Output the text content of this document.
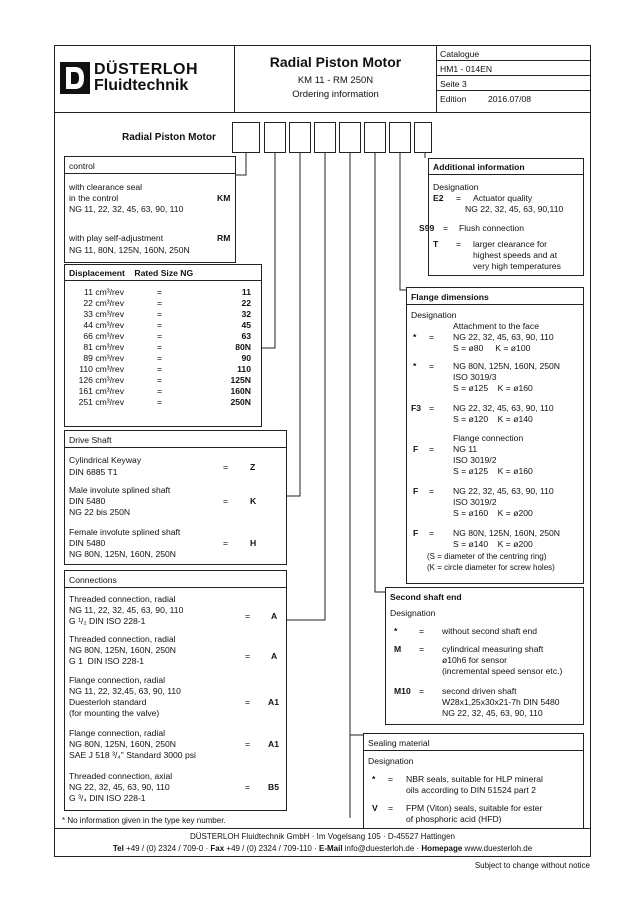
DÜSTERLOH
Fluidtechnik
Radial Piston Motor
KM 11 - RM 250N
Ordering information
Catalogue
HM1 - 014EN
Seite 3
Edition	2016.07/08
Radial Piston Motor
control
with clearance seal
in the control
NG 11, 22, 32, 45, 63, 90, 110
KM
with play self-adjustment
NG 11, 80N, 125N, 160N, 250N
RM
Displacement    Rated Size NG
11 cm³/rev	=	11
22 cm³/rev	=	22
33 cm³/rev	=	32
44 cm³/rev	=	45
66 cm³/rev	=	63
81 cm³/rev	=	80N
89 cm³/rev	=	90
110 cm³/rev	=	110
126 cm³/rev	=	125N
161 cm³/rev	=	160N
251 cm³/rev	=	250N
Drive Shaft
Cylindrical Keyway
DIN 6885 T1	=	Z
Male involute splined shaft
DIN 5480
NG 22 bis 250N
=	K
Female involute splined shaft
DIN 5480
NG 80N, 125N, 160N, 250N
=	H
Connections
Threaded connection, radial
NG 11, 22, 32, 45, 63, 90, 110
G ¹/₂ DIN ISO 228-1	= A
Threaded connection, radial
NG 80N, 125N, 160N, 250N
G 1  DIN ISO 228-1	= A
Flange connection, radial
NG 11, 22, 32,45, 63, 90, 110
Duesterloh standard
(for mounting the valve)
= A1
Flange connection, radial
NG 80N, 125N, 160N, 250N
SAE J 518 ³/₄" Standard 3000 psi
= A1
Threaded connection, axial
NG 22, 32, 45, 63, 90, 110
G ³/₄ DIN ISO 228-1
= B5
* No information given in the type key number.
Additional information
Designation
E2 = Actuator quality
NG 22, 32, 45, 63, 90,110
S99 = Flush connection
T = larger clearance for
highest speeds and at
very high temperatures
Flange dimensions
Designation
Attachment to the face
* = NG 22, 32, 45, 63, 90, 110
S = ø80     K = ø100
* = NG 80N, 125N, 160N, 250N
ISO 3019/3
S = ø125    K = ø160
F3 = NG 22, 32, 45, 63, 90, 110
S = ø120    K = ø140
Flange connection
F = NG 11
ISO 3019/2
S = ø125    K = ø160
F = NG 22, 32, 45, 63, 90, 110
ISO 3019/2
S = ø160    K = ø200
F = NG 80N, 125N, 160N, 250N
S = ø140    K = ø200
(S = diameter of the centring ring)
(K = circle diameter for screw holes)
Second shaft end
Designation
*	= without second shaft end
M = cylindrical measuring shaft
ø10h6 for sensor
(incremental speed sensor etc.)
M10 = second driven shaft
W28x1,25x30x21-7h DIN 5480
NG 22, 32, 45, 63, 90, 110
Sealing material
Designation
* = NBR seals, suitable for HLP mineral
oils according to DIN 51524 part 2
V = FPM (Viton) seals, suitable for ester
of phosphoric acid (HFD)
DÜSTERLOH Fluidtechnik GmbH · Im Vogelsang 105 · D-45527 Hattingen
Tel +49 / (0) 2324 / 709-0 · Fax +49 / (0) 2324 / 709-110 · E-Mail info@duesterloh.de · Homepage www.duesterloh.de
Subject to change without notice
